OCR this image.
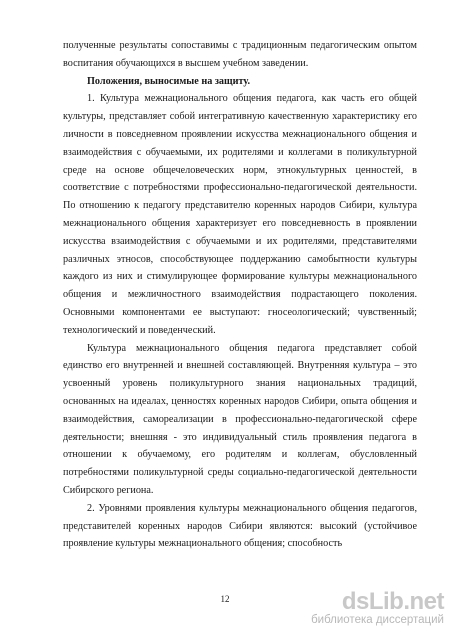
полученные результаты сопоставимы с традиционным педагогическим опытом воспитания обучающихся в высшем учебном заведении.

Положения, выносимые на защиту.

1. Культура межнационального общения педагога, как часть его общей культуры, представляет собой интегративную качественную характеристику его личности в повседневном проявлении искусства межнационального общения и взаимодействия с обучаемыми, их родителями и коллегами в поликультурной среде на основе общечеловеческих норм, этнокультурных ценностей, в соответствие с потребностями профессионально-педагогической деятельности. По отношению к педагогу представителю коренных народов Сибири, культура межнационального общения характеризует его повседневность в проявлении искусства взаимодействия с обучаемыми и их родителями, представителями различных этносов, способствующее поддержанию самобытности культуры каждого из них и стимулирующее формирование культуры межнационального общения и межличностного взаимодействия подрастающего поколения. Основными компонентами ее выступают: гносеологический; чувственный; технологический и поведенческий.

Культура межнационального общения педагога представляет собой единство его внутренней и внешней составляющей. Внутренняя культура – это усвоенный уровень поликультурного знания национальных традиций, основанных на идеалах, ценностях коренных народов Сибири, опыта общения и взаимодействия, самореализации в профессионально-педагогической сфере деятельности; внешняя - это индивидуальный стиль проявления педагога в отношении к обучаемому, его родителям и коллегам, обусловленный потребностями поликультурной среды социально-педагогической деятельности Сибирского региона.

2. Уровнями проявления культуры межнационального общения педагогов, представителей коренных народов Сибири являются: высокий (устойчивое проявление культуры межнационального общения; способность

12	dsLib.net
библиотека диссертаций
